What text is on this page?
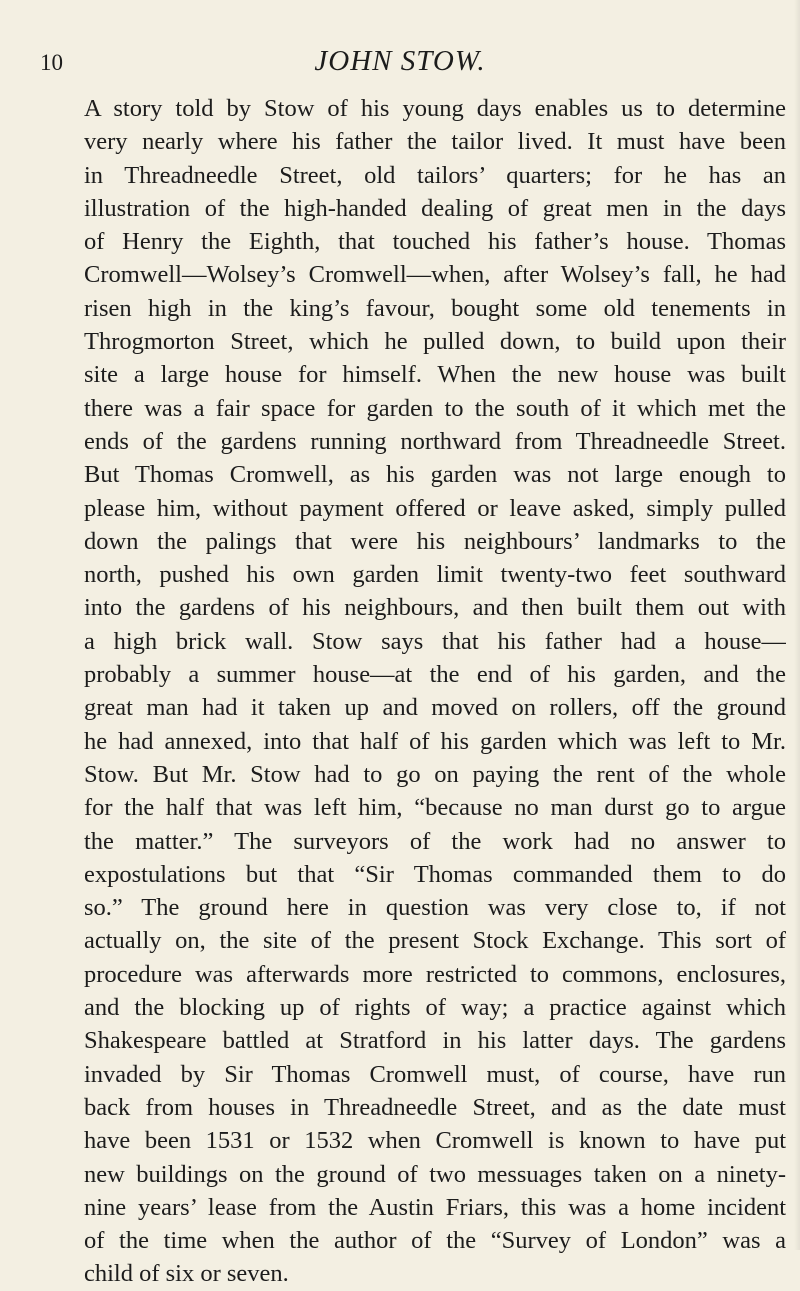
10	JOHN STOW.
A story told by Stow of his young days enables us to determine
very nearly where his father the tailor lived. It must have been
in Threadneedle Street, old tailors’ quarters; for he has an
illustration of the high-handed dealing of great men in the days
of Henry the Eighth, that touched his father’s house. Thomas
Cromwell—Wolsey’s Cromwell—when, after Wolsey’s fall, he had
risen high in the king’s favour, bought some old tenements in
Throgmorton Street, which he pulled down, to build upon their
site a large house for himself. When the new house was built
there was a fair space for garden to the south of it which met the
ends of the gardens running northward from Threadneedle Street.
But Thomas Cromwell, as his garden was not large enough to
please him, without payment offered or leave asked, simply pulled
down the palings that were his neighbours’ landmarks to the
north, pushed his own garden limit twenty-two feet southward
into the gardens of his neighbours, and then built them out with
a high brick wall. Stow says that his father had a house—
probably a summer house—at the end of his garden, and the
great man had it taken up and moved on rollers, off the ground
he had annexed, into that half of his garden which was left to Mr.
Stow. But Mr. Stow had to go on paying the rent of the whole
for the half that was left him, “because no man durst go to argue
the matter.” The surveyors of the work had no answer to
expostulations but that “Sir Thomas commanded them to do
so.” The ground here in question was very close to, if not
actually on, the site of the present Stock Exchange. This sort of
procedure was afterwards more restricted to commons, enclosures,
and the blocking up of rights of way; a practice against which
Shakespeare battled at Stratford in his latter days. The gardens
invaded by Sir Thomas Cromwell must, of course, have run
back from houses in Threadneedle Street, and as the date must
have been 1531 or 1532 when Cromwell is known to have put
new buildings on the ground of two messuages taken on a ninety-
nine years’ lease from the Austin Friars, this was a home incident
of the time when the author of the “Survey of London” was a
child of six or seven.
